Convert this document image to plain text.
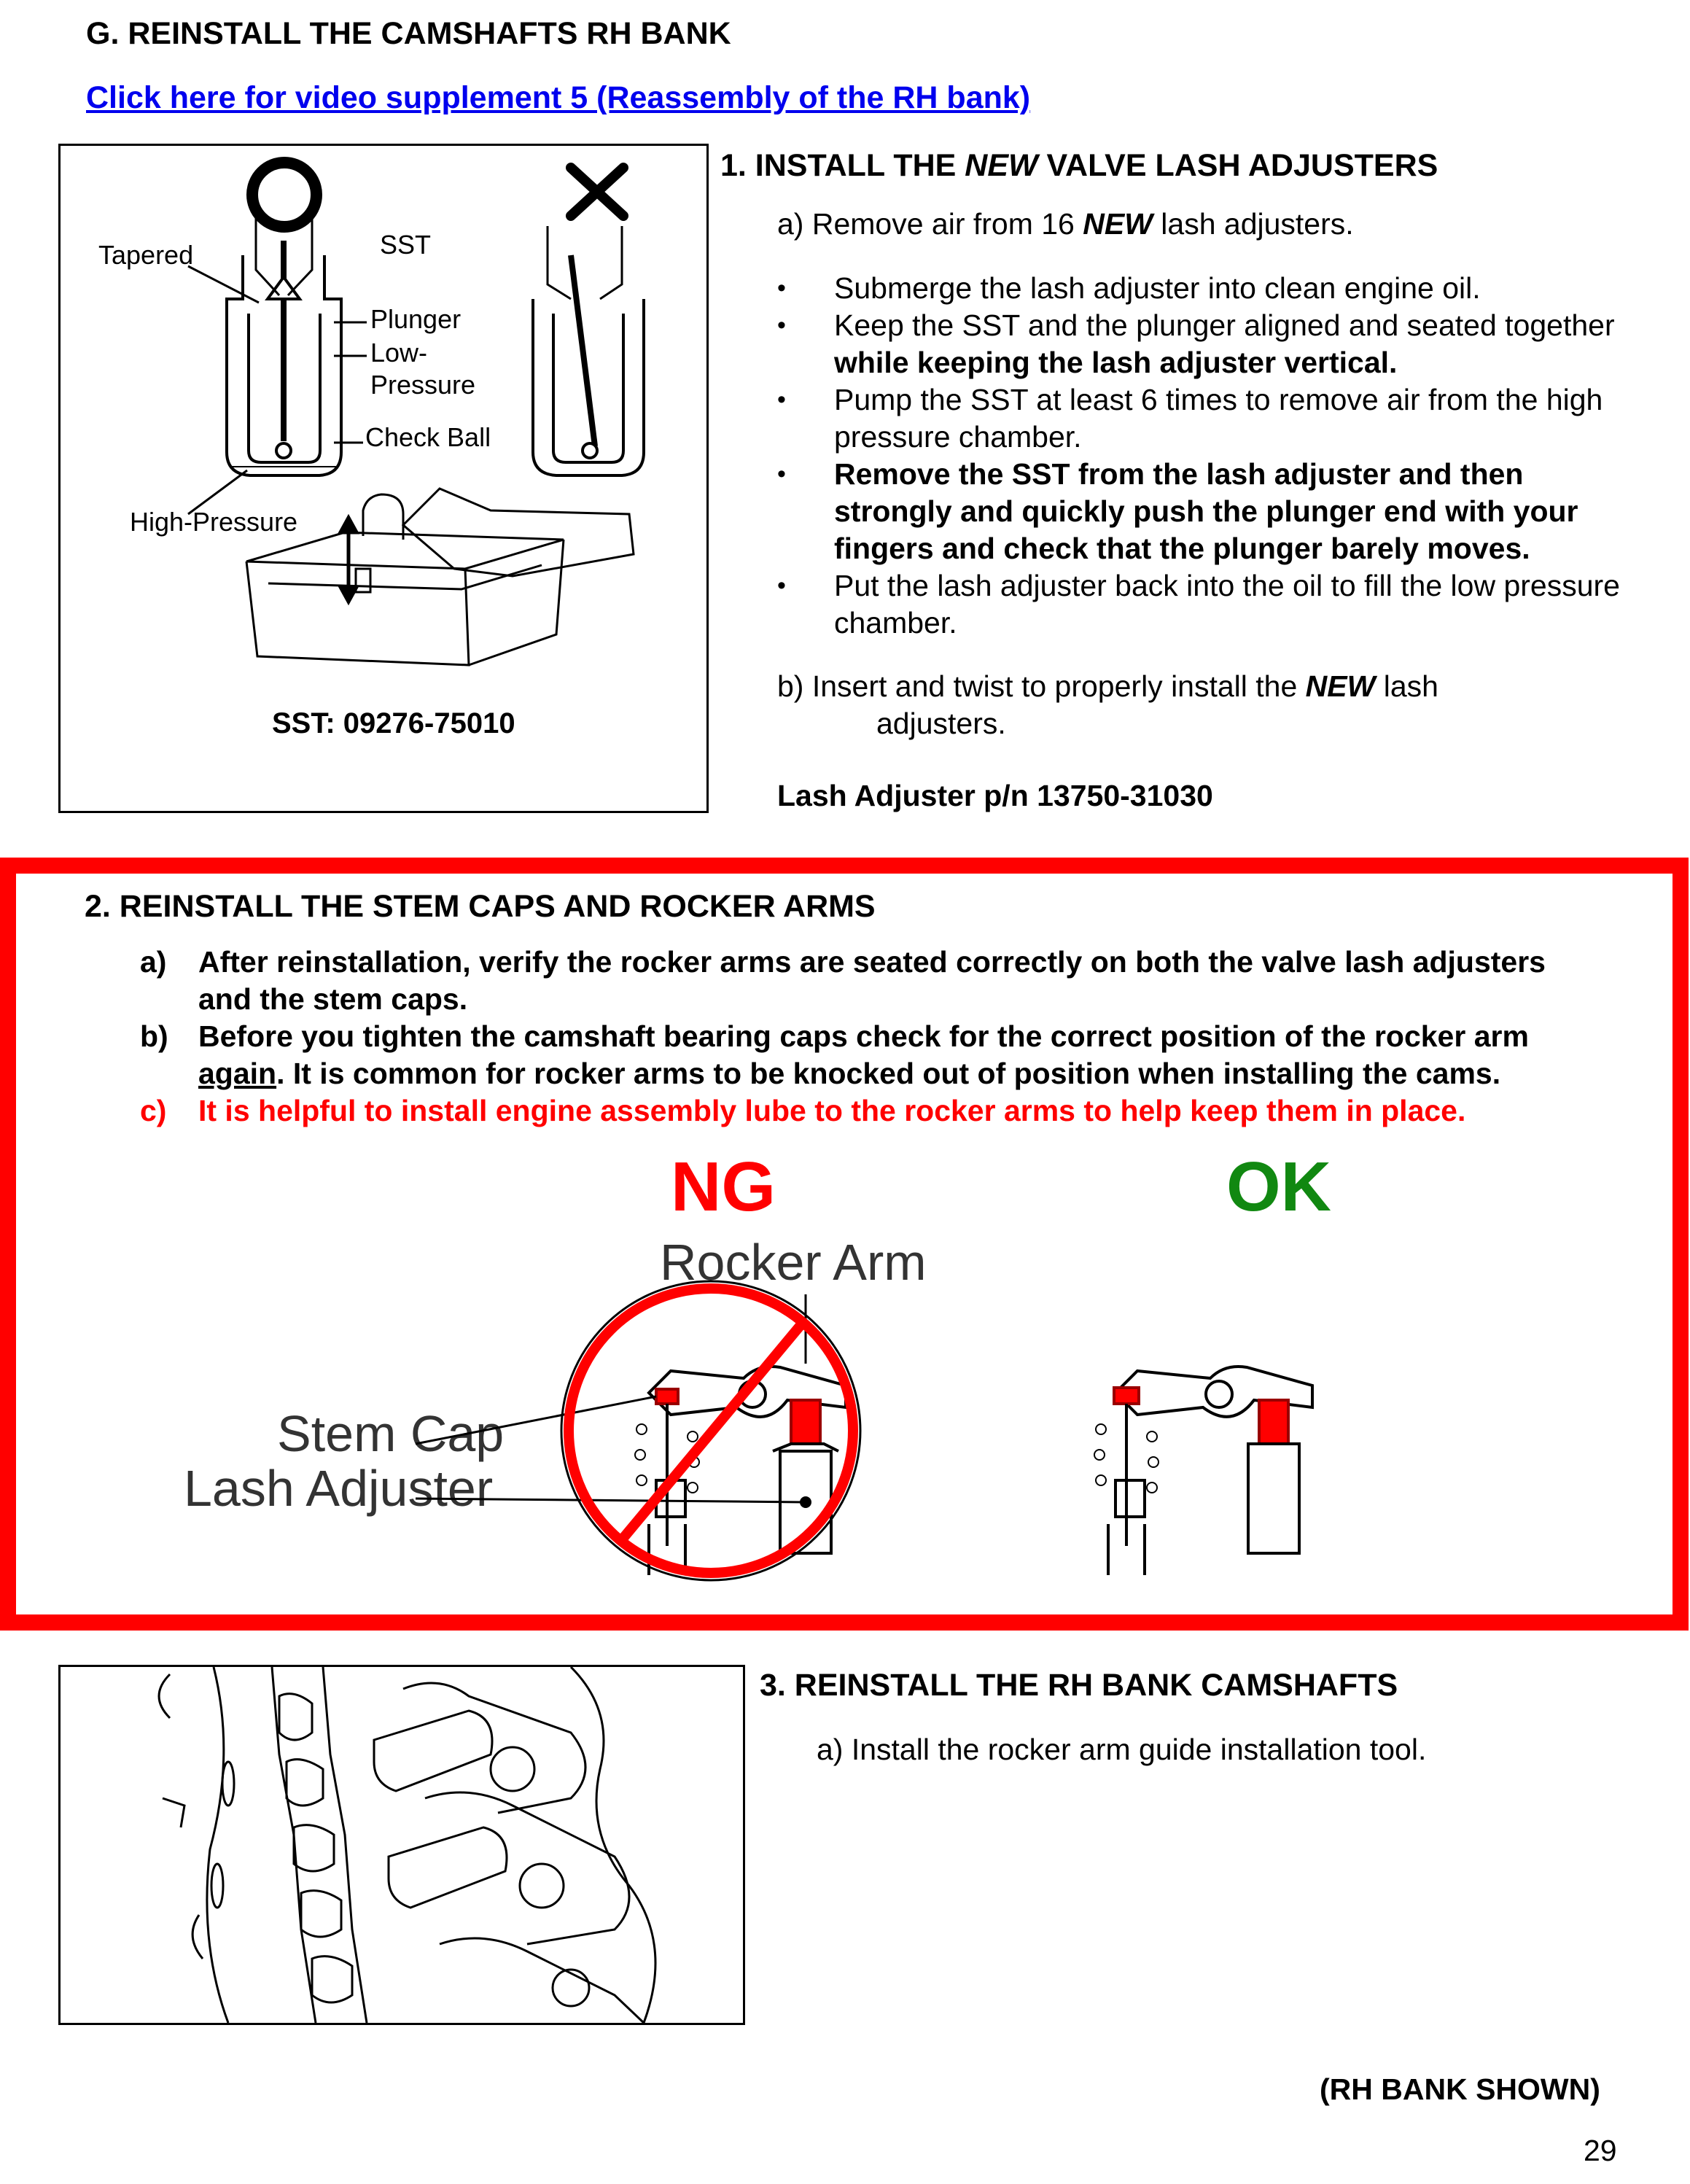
G. REINSTALL THE CAMSHAFTS RH BANK
Click here for video supplement 5 (Reassembly of the RH bank)
Tapered	SST
Plunger
Low-
Pressure
Check Ball
High-Pressure
SST: 09276-75010
1. INSTALL THE NEW VALVE LASH ADJUSTERS
a) Remove air from 16 NEW lash adjusters.
• Submerge the lash adjuster into clean engine oil.
• Keep the SST and the plunger aligned and seated together while keeping the lash adjuster vertical.
• Pump the SST at least 6 times to remove air from the high pressure chamber.
• Remove the SST from the lash adjuster and then strongly and quickly push the plunger end with your fingers and check that the plunger barely moves.
• Put the lash adjuster back into the oil to fill the low pressure chamber.
b) Insert and twist to properly install the NEW lash
adjusters.
Lash Adjuster p/n 13750-31030
2. REINSTALL THE STEM CAPS AND ROCKER ARMS
a) After reinstallation, verify the rocker arms are seated correctly on both the valve lash adjusters
and the stem caps.
b) Before you tighten the camshaft bearing caps check for the correct position of the rocker arm
again. It is common for rocker arms to be knocked out of position when installing the cams.
c) It is helpful to install engine assembly lube to the rocker arms to help keep them in place.
NG	OK
Rocker Arm
Stem Cap
Lash Adjuster
3. REINSTALL THE RH BANK CAMSHAFTS
a) Install the rocker arm guide installation tool.
(RH BANK SHOWN)
29
